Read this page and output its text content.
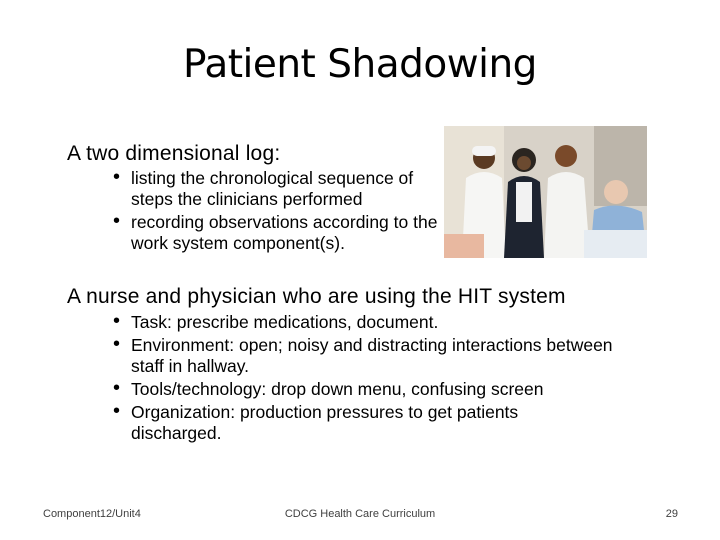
Patient Shadowing
A two dimensional log:
• listing the chronological sequence of steps the clinicians performed
• recording observations according to the work system component(s).
A nurse and physician who are using the HIT system
• Task: prescribe medications, document.
• Environment: open; noisy and distracting interactions between staff in hallway.
• Tools/technology: drop down menu, confusing screen
• Organization: production pressures to get patients discharged.
Component12/Unit4	CDCG Health Care Curriculum	29
